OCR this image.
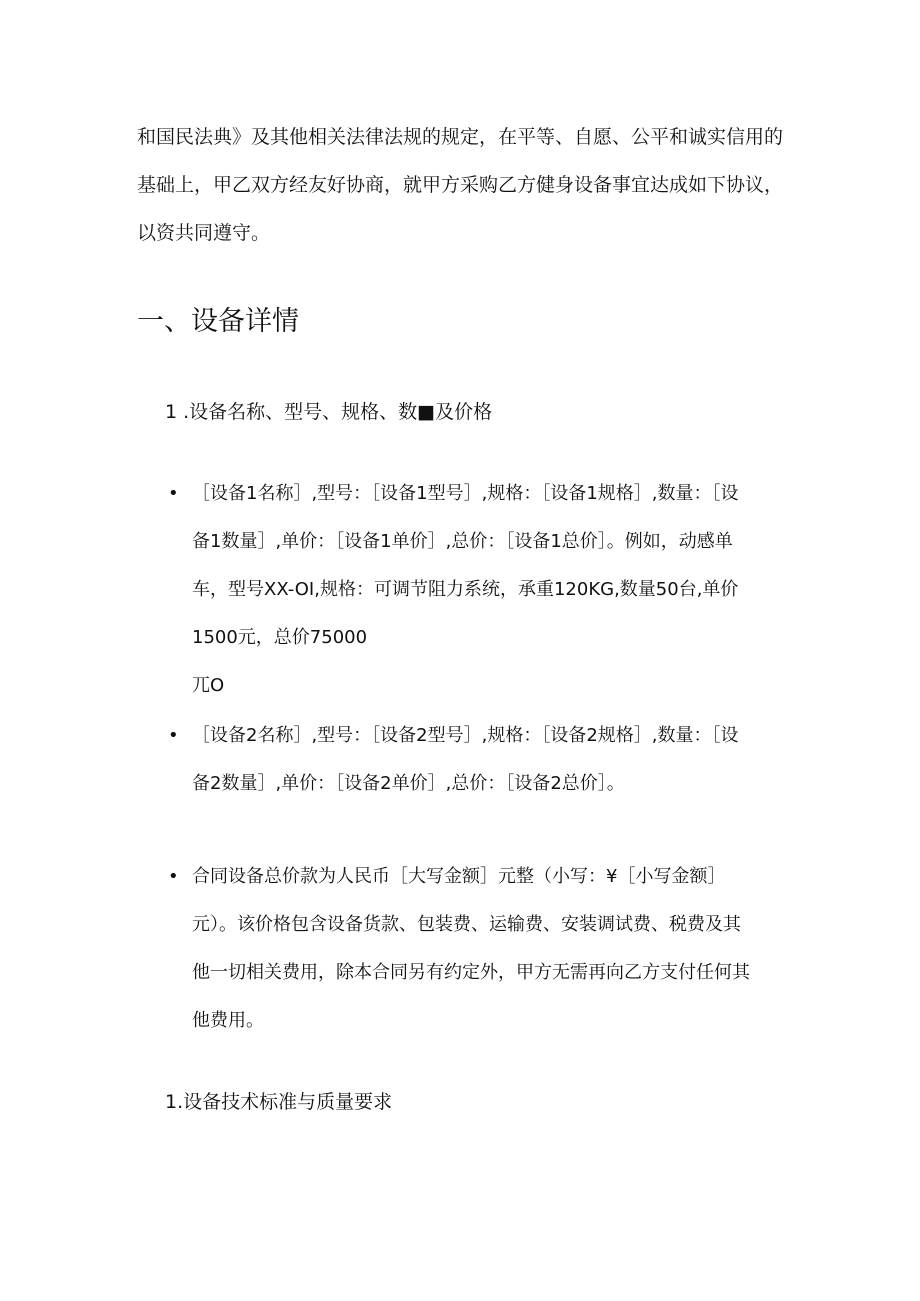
和国民法典》及其他相关法律法规的规定，在平等、自愿、公平和诚实信用的
基础上，甲乙双方经友好协商，就甲方采购乙方健身设备事宜达成如下协议，
以资共同遵守。

一、设备详情
1 .设备名称、型号、规格、数■及价格
• ［设备1名称］,型号：［设备1型号］,规格：［设备1规格］,数量：［设
备1数量］,单价：［设备1单价］,总价：［设备1总价］。例如，动感单
车，型号XX-OI,规格：可调节阻力系统，承重120KG,数量50台,单价
1500元，总价75000
兀O
• ［设备2名称］,型号：［设备2型号］,规格：［设备2规格］,数量：［设
备2数量］,单价：［设备2单价］,总价：［设备2总价］。
• 合同设备总价款为人民币［大写金额］元整（小写：¥［小写金额］
元）。该价格包含设备货款、包装费、运输费、安装调试费、税费及其
他一切相关费用，除本合同另有约定外，甲方无需再向乙方支付任何其
他费用。
1.设备技术标准与质量要求
